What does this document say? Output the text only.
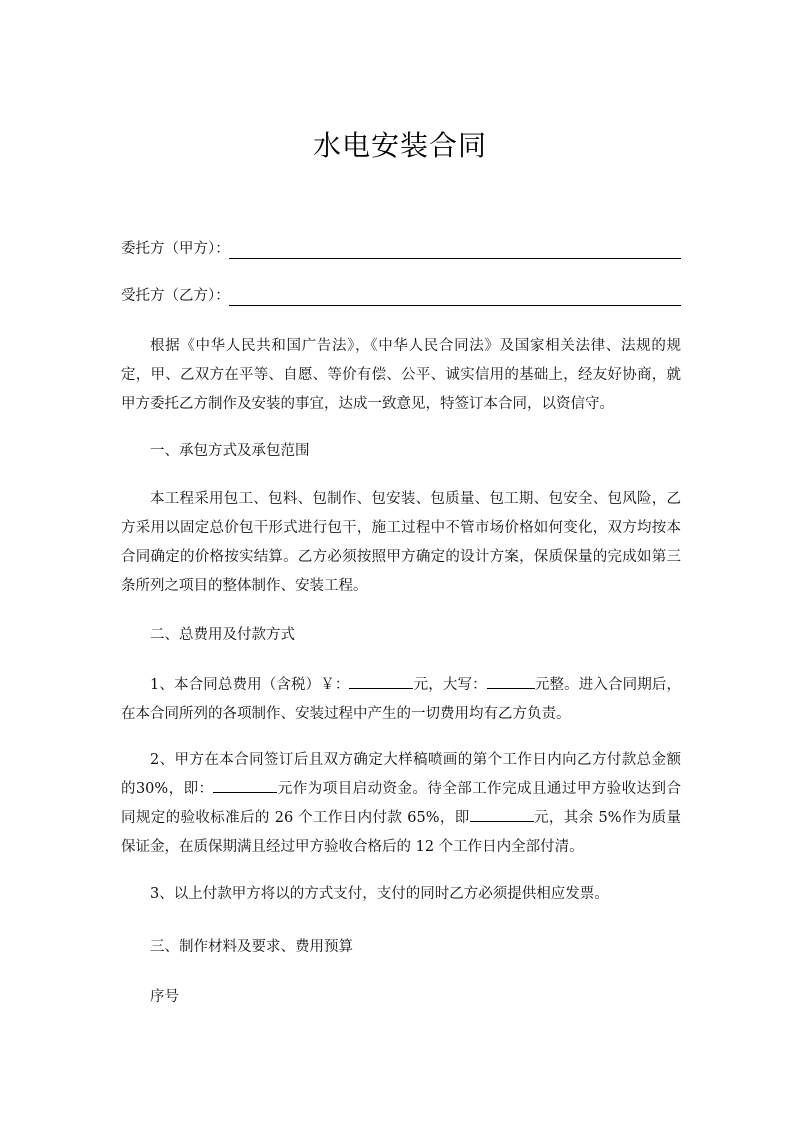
水电安装合同
委托方（甲方）：
受托方（乙方）：

根据《中华人民共和国广告法》，《中华人民合同法》及国家相关法律、法规的规定，甲、乙双方在平等、自愿、等价有偿、公平、诚实信用的基础上，经友好协商，就甲方委托乙方制作及安装的事宜，达成一致意见，特签订本合同，以资信守。

一、承包方式及承包范围

本工程采用包工、包料、包制作、包安装、包质量、包工期、包安全、包风险，乙方采用以固定总价包干形式进行包干，施工过程中不管市场价格如何变化，双方均按本合同确定的价格按实结算。乙方必须按照甲方确定的设计方案，保质保量的完成如第三条所列之项目的整体制作、安装工程。

二、总费用及付款方式

1、本合同总费用（含税）￥：	元，大写：	元整。进入合同期后，在本合同所列的各项制作、安装过程中产生的一切费用均有乙方负责。

2、甲方在本合同签订后且双方确定大样稿喷画的第个工作日内向乙方付款总金额的30%，即：	元作为项目启动资金。待全部工作完成且通过甲方验收达到合同规定的验收标准后的 26 个工作日内付款 65%，即	元，其余 5%作为质量保证金，在质保期满且经过甲方验收合格后的 12 个工作日内全部付清。

3、以上付款甲方将以的方式支付，支付的同时乙方必须提供相应发票。

三、制作材料及要求、费用预算
序号
